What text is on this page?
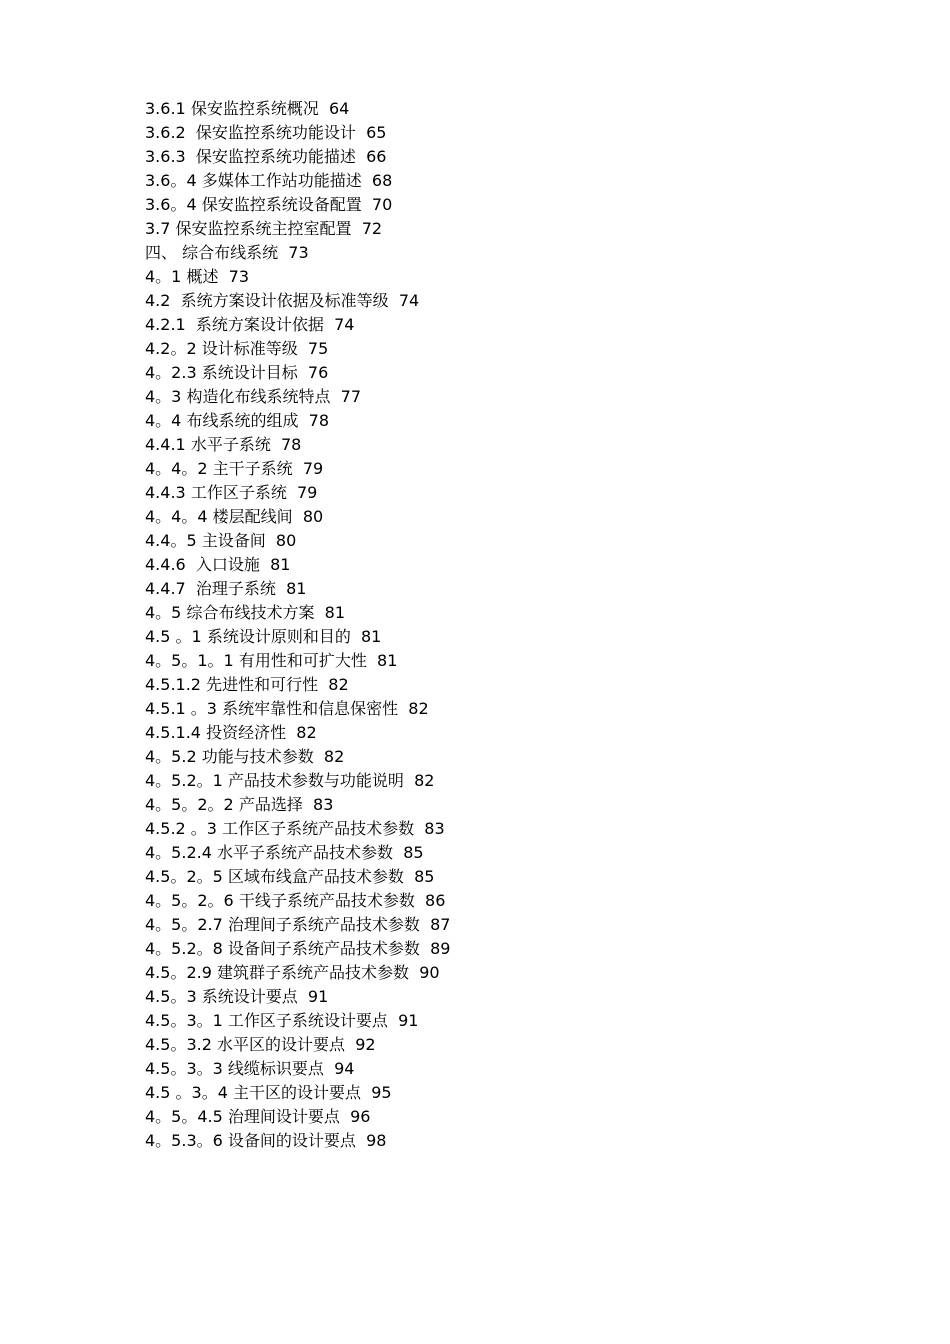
3.6.1 保安监控系统概况 64
3.6.2  保安监控系统功能设计 65
3.6.3  保安监控系统功能描述 66
3.6。4 多媒体工作站功能描述 68
3.6。4 保安监控系统设备配置 70
3.7 保安监控系统主控室配置 72
四、 综合布线系统 73
4。1 概述 73
4.2  系统方案设计依据及标准等级 74
4.2.1  系统方案设计依据 74
4.2。2 设计标准等级 75
4。2.3 系统设计目标 76
4。3 构造化布线系统特点 77
4。4 布线系统的组成 78
4.4.1 水平子系统 78
4。4。2 主干子系统 79
4.4.3 工作区子系统 79
4。4。4 楼层配线间 80
4.4。5 主设备间 80
4.4.6  入口设施 81
4.4.7  治理子系统 81
4。5 综合布线技术方案 81
4.5 。1 系统设计原则和目的 81
4。5。1。1 有用性和可扩大性 81
4.5.1.2 先进性和可行性 82
4.5.1 。3 系统牢靠性和信息保密性 82
4.5.1.4 投资经济性 82
4。5.2 功能与技术参数 82
4。5.2。1 产品技术参数与功能说明 82
4。5。2。2 产品选择 83
4.5.2 。3 工作区子系统产品技术参数 83
4。5.2.4 水平子系统产品技术参数 85
4.5。2。5 区域布线盒产品技术参数 85
4。5。2。6 干线子系统产品技术参数 86
4。5。2.7 治理间子系统产品技术参数 87
4。5.2。8 设备间子系统产品技术参数 89
4.5。2.9 建筑群子系统产品技术参数 90
4.5。3 系统设计要点 91
4.5。3。1 工作区子系统设计要点 91
4.5。3.2 水平区的设计要点 92
4.5。3。3 线缆标识要点 94
4.5 。3。4 主干区的设计要点 95
4。5。4.5 治理间设计要点 96
4。5.3。6 设备间的设计要点 98
